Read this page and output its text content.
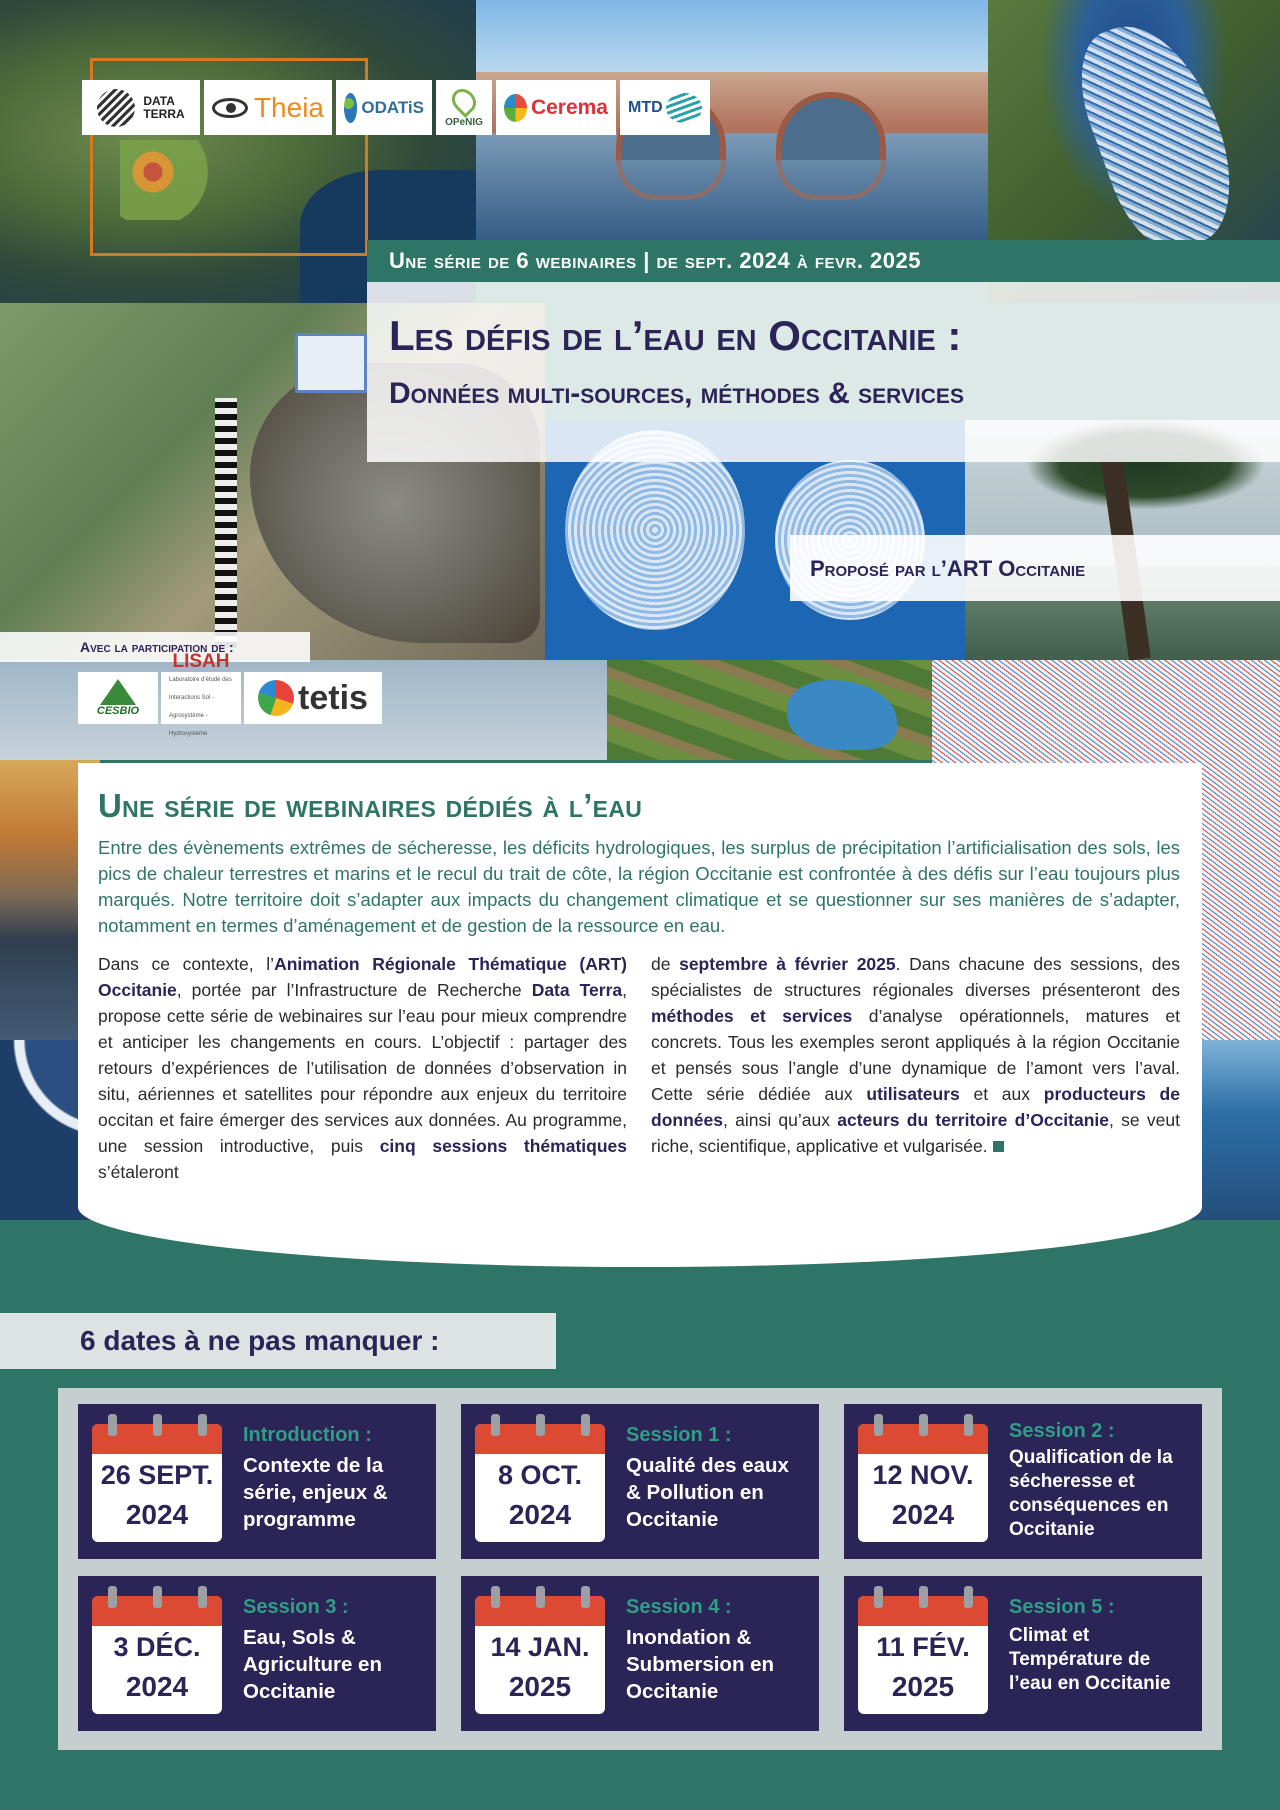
DATA
TERRA Theia ODATiS
OPeNIG
Cerema MTD
Une série de 6 webinaires | de sept. 2024 à fevr. 2025
Les défis de l’eau en Occitanie :
Données multi-sources, méthodes & services
Proposé par l’ART Occitanie
Avec la participation de :
CESBIO
LISAH
Laboratoire d'étude des Interactions Sol - Agrosystème - Hydrosystème
tetis
Une série de webinaires dédiés à l’eau

Entre des évènements extrêmes de sécheresse, les déficits hydrologiques, les surplus de précipitation l’artificialisation des sols, les pics de chaleur terrestres et marins et le recul du trait de côte, la région Occitanie est confrontée à des défis sur l’eau toujours plus marqués. Notre territoire doit s’adapter aux impacts du changement climatique et se questionner sur ses manières de s’adapter, notamment en termes d’aménagement et de gestion de la ressource en eau.

Dans ce contexte, l’Animation Régionale Thématique (ART) Occitanie, portée par l’Infrastructure de Recherche Data Terra, propose cette série de webinaires sur l’eau pour mieux comprendre et anticiper les changements en cours. L’objectif : partager des retours d’expériences de l’utilisation de données d’observation in situ, aériennes et satellites pour répondre aux enjeux du territoire occitan et faire émerger des services aux données. Au programme, une session introductive, puis cinq sessions thématiques s’étaleront

de septembre à février 2025. Dans chacune des sessions, des spécialistes de structures régionales diverses présenteront des méthodes et services d’analyse opérationnels, matures et concrets. Tous les exemples seront appliqués à la région Occitanie et pensés sous l’angle d’une dynamique de l’amont vers l’aval. Cette série dédiée aux utilisateurs et aux producteurs de données, ainsi qu’aux acteurs du territoire d’Occitanie, se veut riche, scientifique, applicative et vulgarisée.

6 dates à ne pas manquer :
26 SEPT.
2024
Introduction :
Contexte de la série, enjeux & programme
8 OCT.
2024
Session 1 :
Qualité des eaux & Pollution en Occitanie
12 NOV.
2024
Session 2 :
Qualification de la sécheresse et conséquences en Occitanie
3 DÉC.
2024
Session 3 :
Eau, Sols & Agriculture en Occitanie
14 JAN.
2025
Session 4 :
Inondation & Submersion en Occitanie
11 FÉV.
2025
Session 5 :
Climat et Température de l’eau en Occitanie
